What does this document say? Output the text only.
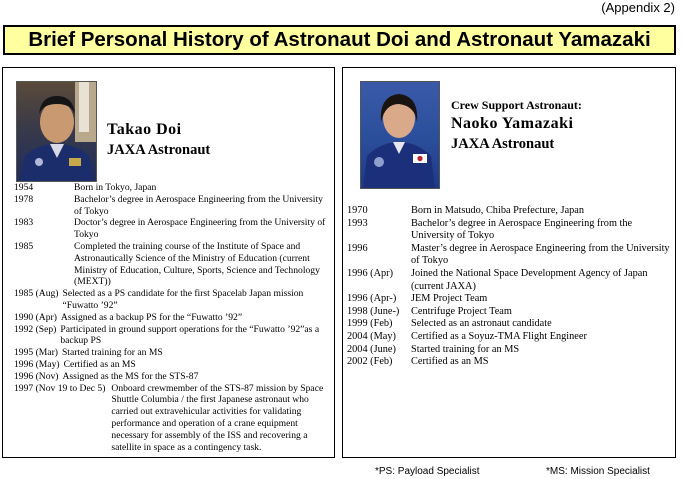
(Appendix 2)
Brief Personal History of Astronaut Doi and Astronaut Yamazaki
Takao Doi
JAXA Astronaut
1954	Born in Tokyo, Japan
1978	Bachelor’s degree in Aerospace Engineering from the University of Tokyo
1983	Doctor’s degree in Aerospace Engineering from the University of Tokyo
1985	Completed the training course of the Institute of Space and Astronautically Science of the Ministry of Education (current Ministry of Education, Culture, Sports, Science and Technology (MEXT))
1985 (Aug) Selected as a PS candidate for the first Spacelab Japan mission “Fuwatto ’92”
1990 (Apr) Assigned as a backup PS for the “Fuwatto ’92”
1992 (Sep) Participated in ground support operations for the “Fuwatto ’92”as a backup PS
1995 (Mar) Started training for an MS
1996 (May) Certified as an MS
1996 (Nov) Assigned as the MS for the STS-87
1997 (Nov 19 to Dec 5) Onboard crewmember of the STS-87 mission by Space Shuttle Columbia / the first Japanese astronaut who carried out extravehicular activities for validating performance and operation of a crane equipment necessary for assembly of the ISS and recovering a satellite in space as a contingency task.
Crew Support Astronaut:
Naoko Yamazaki
JAXA Astronaut
1970	Born in Matsudo, Chiba Prefecture, Japan
1993	Bachelor’s degree in Aerospace Engineering from the University of Tokyo
1996	Master’s degree in Aerospace Engineering from the University of Tokyo
1996 (Apr)	Joined the National Space Development Agency of Japan (current JAXA)
1996 (Apr-)	JEM Project Team
1998 (June-)	Centrifuge Project Team
1999 (Feb)	Selected as an astronaut candidate
2004 (May)	Certified as a Soyuz-TMA Flight Engineer
2004 (June)	Started training for an MS
2002 (Feb)	Certified as an MS
*PS: Payload Specialist	*MS: Mission Specialist
